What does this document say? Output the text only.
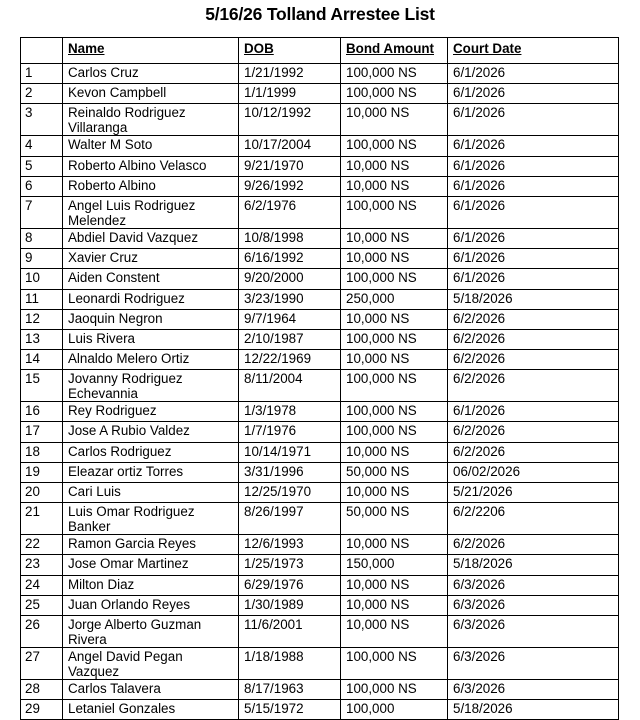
5/16/26 Tolland Arrestee List
	Name	DOB	Bond Amount	Court Date
1	Carlos Cruz	1/21/1992	100,000 NS	6/1/2026
2	Kevon Campbell	1/1/1999	100,000 NS	6/1/2026
3	Reinaldo Rodriguez Villaranga	10/12/1992	10,000 NS	6/1/2026
4	Walter M Soto	10/17/2004	100,000 NS	6/1/2026
5	Roberto Albino Velasco	9/21/1970	10,000 NS	6/1/2026
6	Roberto Albino	9/26/1992	10,000 NS	6/1/2026
7	Angel Luis Rodriguez Melendez	6/2/1976	100,000 NS	6/1/2026
8	Abdiel David Vazquez	10/8/1998	10,000 NS	6/1/2026
9	Xavier Cruz	6/16/1992	10,000 NS	6/1/2026
10	Aiden Constent	9/20/2000	100,000 NS	6/1/2026
11	Leonardi Rodriguez	3/23/1990	250,000	5/18/2026
12	Jaoquin Negron	9/7/1964	10,000 NS	6/2/2026
13	Luis Rivera	2/10/1987	100,000 NS	6/2/2026
14	Alnaldo Melero Ortiz	12/22/1969	10,000 NS	6/2/2026
15	Jovanny Rodriguez Echevannia	8/11/2004	100,000 NS	6/2/2026
16	Rey Rodriguez	1/3/1978	100,000 NS	6/1/2026
17	Jose A Rubio Valdez	1/7/1976	100,000 NS	6/2/2026
18	Carlos Rodriguez	10/14/1971	10,000 NS	6/2/2026
19	Eleazar ortiz Torres	3/31/1996	50,000 NS	06/02/2026
20	Cari Luis	12/25/1970	10,000 NS	5/21/2026
21	Luis Omar Rodriguez Banker	8/26/1997	50,000 NS	6/2/2206
22	Ramon Garcia Reyes	12/6/1993	10,000 NS	6/2/2026
23	Jose Omar Martinez	1/25/1973	150,000	5/18/2026
24	Milton Diaz	6/29/1976	10,000 NS	6/3/2026
25	Juan Orlando Reyes	1/30/1989	10,000 NS	6/3/2026
26	Jorge Alberto Guzman Rivera	11/6/2001	10,000 NS	6/3/2026
27	Angel David Pegan Vazquez	1/18/1988	100,000 NS	6/3/2026
28	Carlos Talavera	8/17/1963	100,000 NS	6/3/2026
29	Letaniel Gonzales	5/15/1972	100,000	5/18/2026
